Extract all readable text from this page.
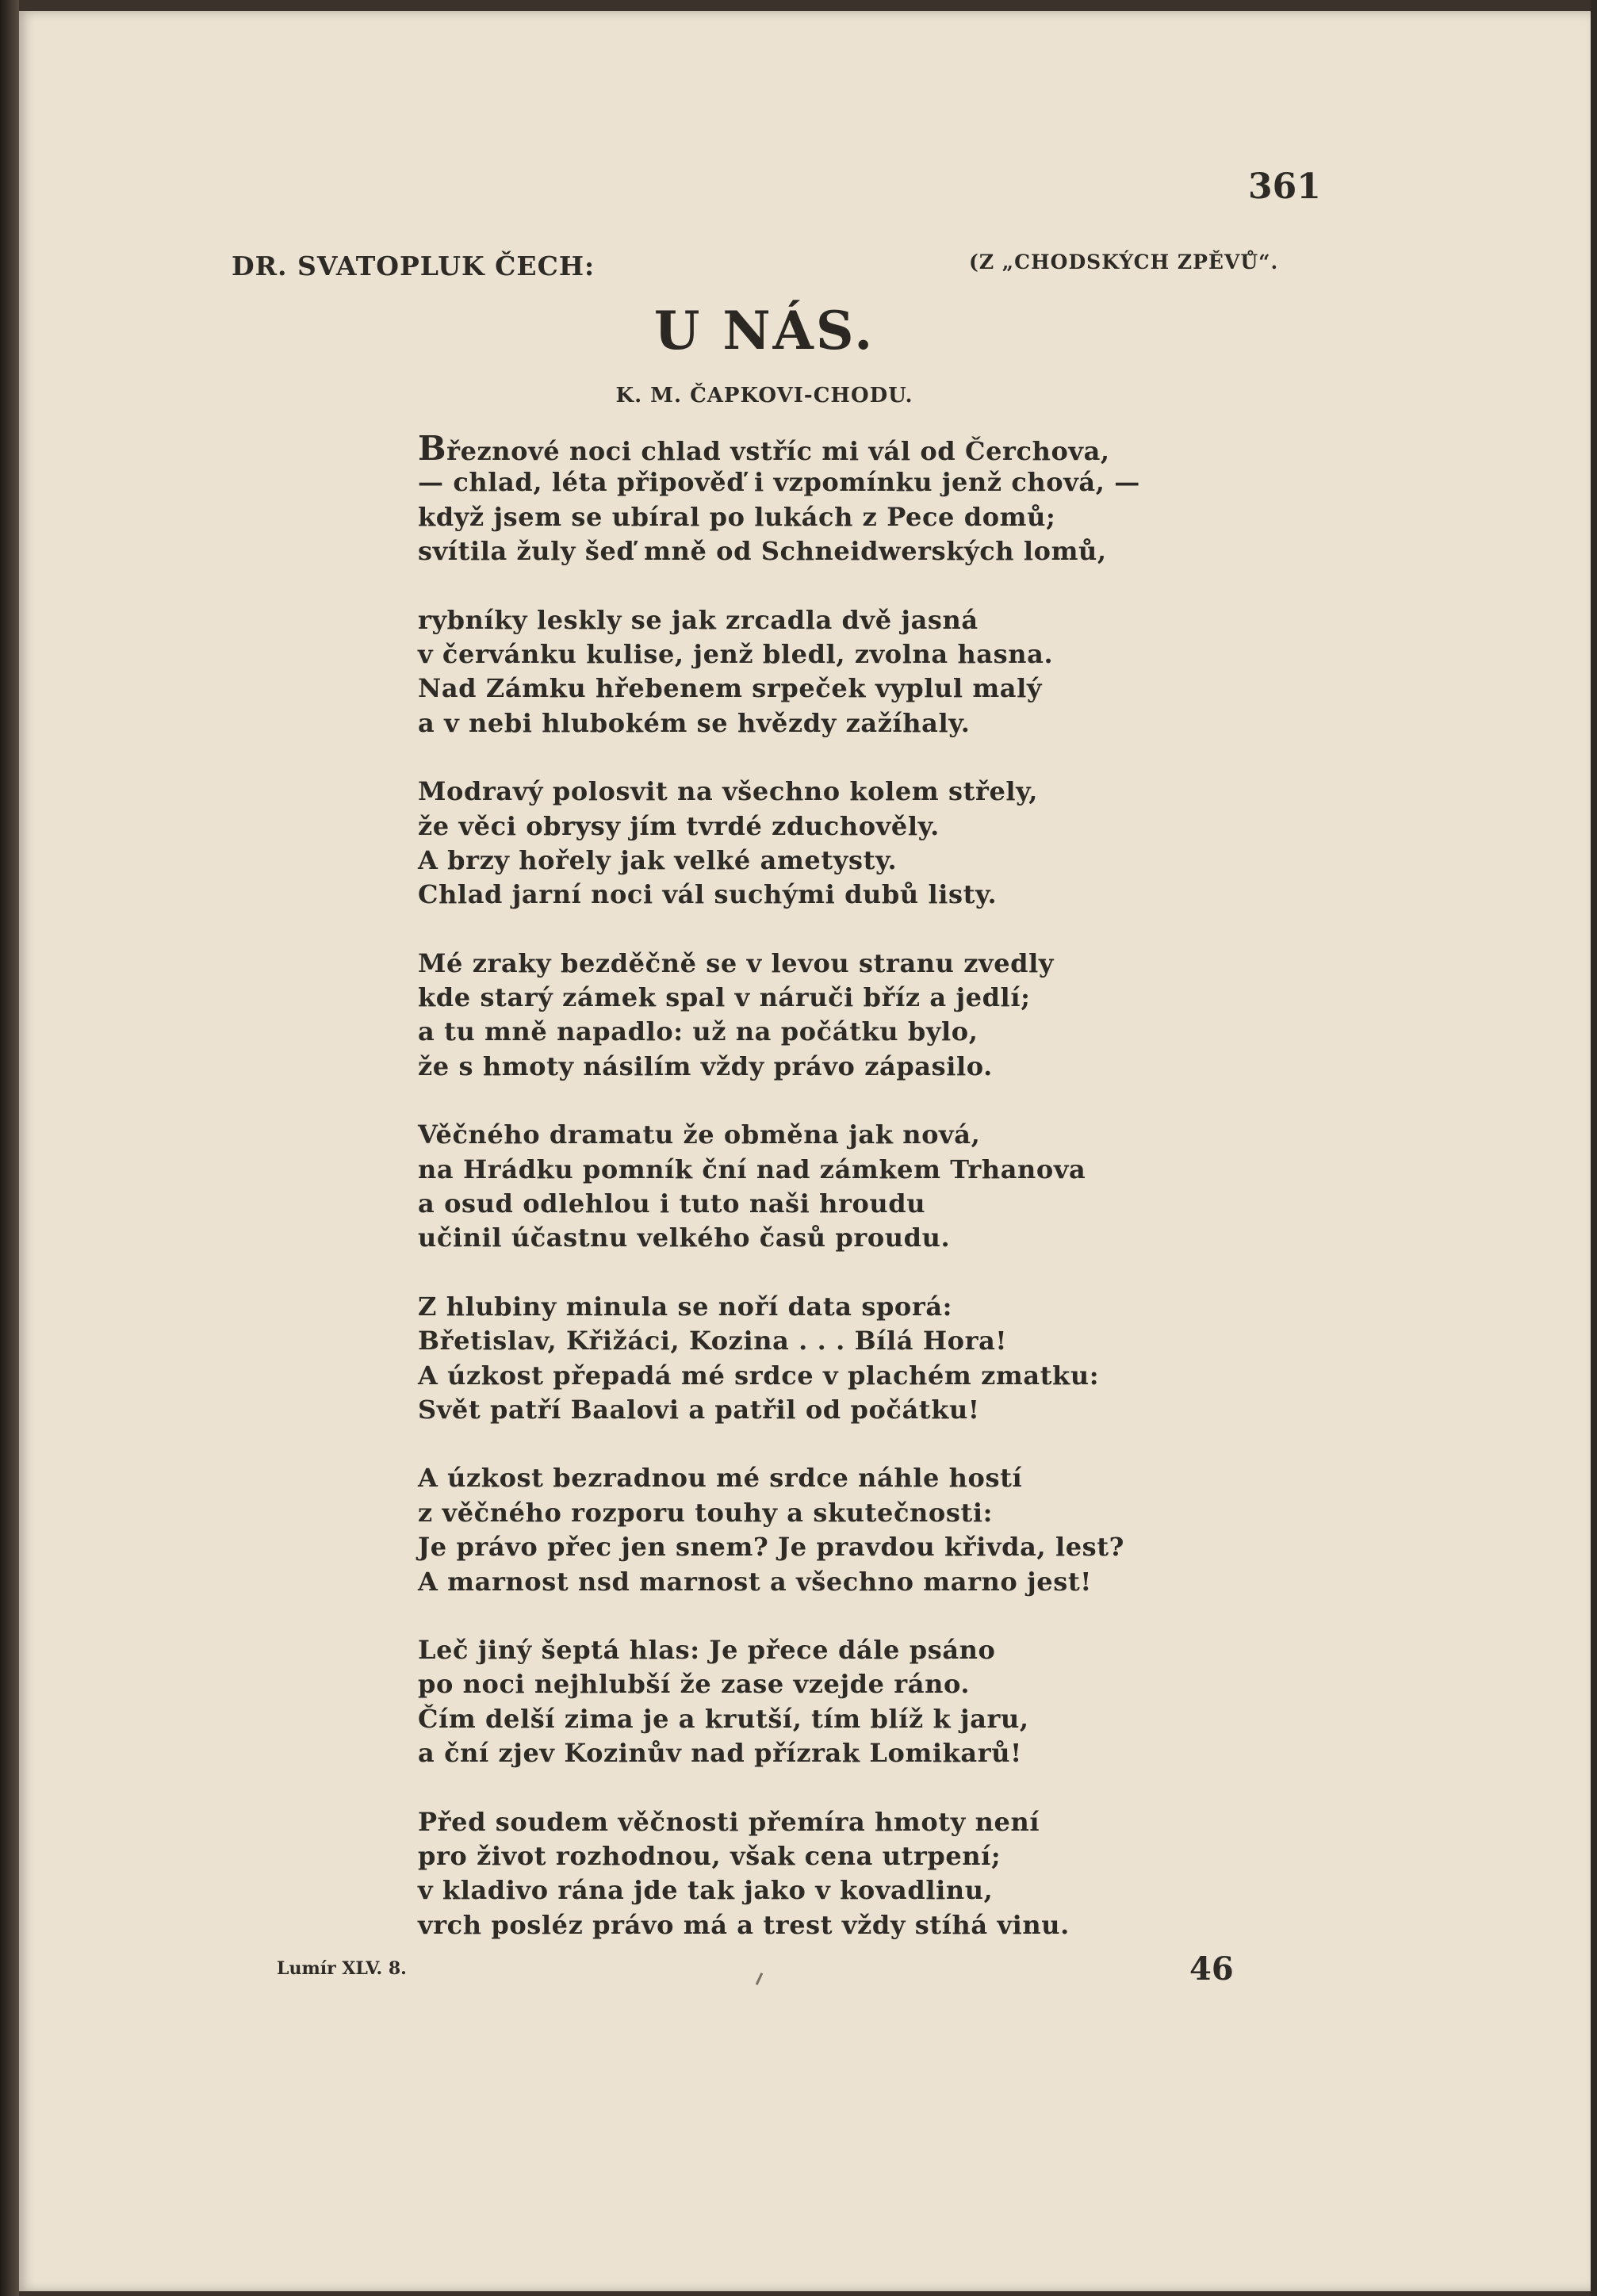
361
DR. SVATOPLUK ČECH:	(Z „CHODSKÝCH ZPĚVŮ“.
U NÁS.
K. M. ČAPKOVI-CHODU.
Březnové noci chlad vstříc mi vál od Čerchova,
— chlad, léta připověď i vzpomínku jenž chová, —
když jsem se ubíral po lukách z Pece domů;
svítila žuly šeď mně od Schneidwerských lomů,
rybníky leskly se jak zrcadla dvě jasná
v červánku kulise, jenž bledl, zvolna hasna.
Nad Zámku hřebenem srpeček vyplul malý
a v nebi hlubokém se hvězdy zažíhaly.
Modravý polosvit na všechno kolem střely,
že věci obrysy jím tvrdé zduchověly.
A brzy hořely jak velké ametysty.
Chlad jarní noci vál suchými dubů listy.
Mé zraky bezděčně se v levou stranu zvedly
kde starý zámek spal v náruči bříz a jedlí;
a tu mně napadlo: už na počátku bylo,
že s hmoty násilím vždy právo zápasilo.
Věčného dramatu že obměna jak nová,
na Hrádku pomník ční nad zámkem Trhanova
a osud odlehlou i tuto naši hroudu
učinil účastnu velkého časů proudu.
Z hlubiny minula se noří data sporá:
Břetislav, Křižáci, Kozina . . . Bílá Hora!
A úzkost přepadá mé srdce v plachém zmatku:
Svět patří Baalovi a patřil od počátku!
A úzkost bezradnou mé srdce náhle hostí
z věčného rozporu touhy a skutečnosti:
Je právo přec jen snem? Je pravdou křivda, lest?
A marnost nsd marnost a všechno marno jest!
Leč jiný šeptá hlas: Je přece dále psáno
po noci nejhlubší že zase vzejde ráno.
Čím delší zima je a krutší, tím blíž k jaru,
a ční zjev Kozinův nad přízrak Lomikarů!
Před soudem věčnosti přemíra hmoty není
pro život rozhodnou, však cena utrpení;
v kladivo rána jde tak jako v kovadlinu,
vrch posléz právo má a trest vždy stíhá vinu.
Lumír XLV. 8.	46
